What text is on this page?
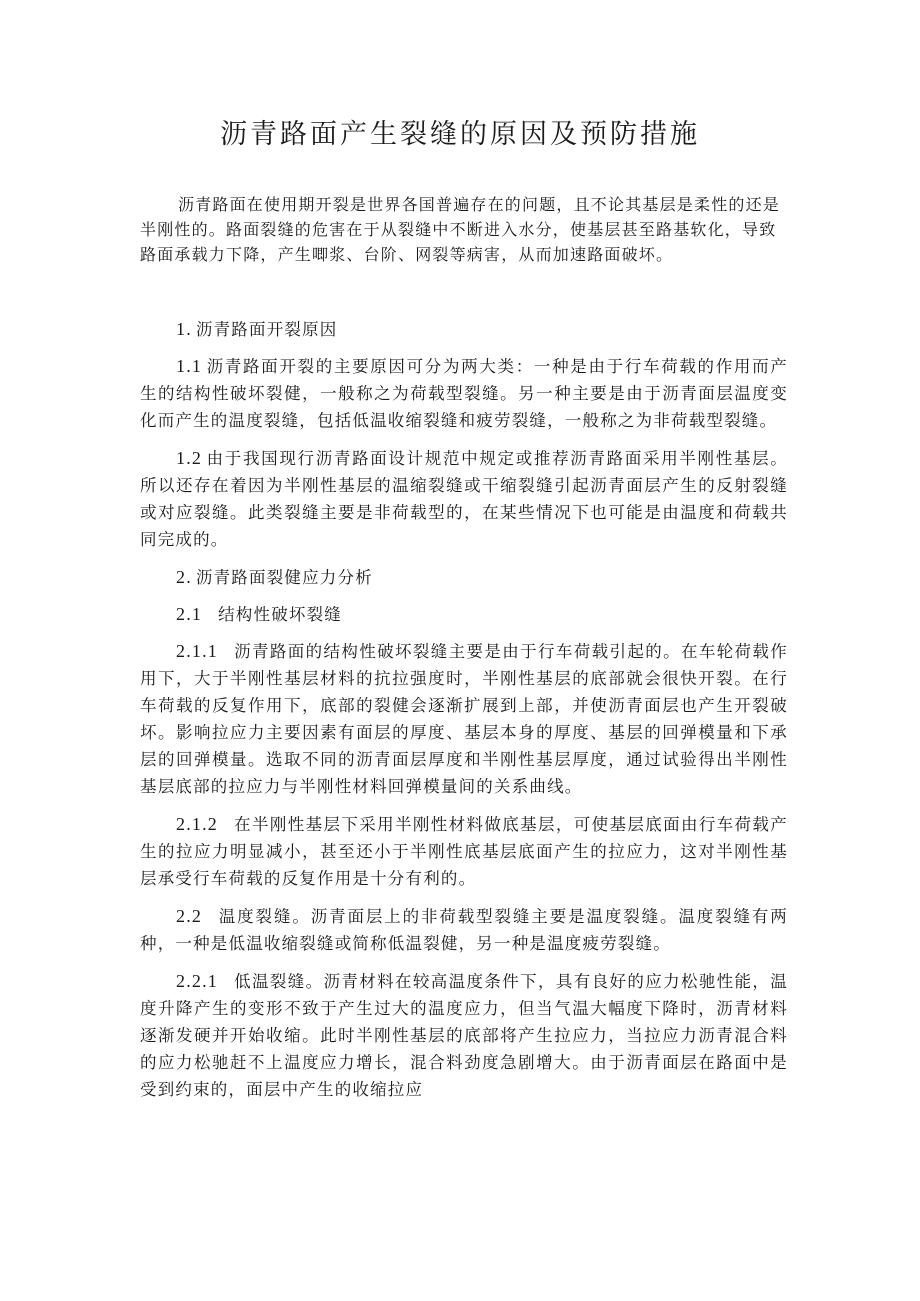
沥青路面产生裂缝的原因及预防措施

沥青路面在使用期开裂是世界各国普遍存在的问题，且不论其基层是柔性的还是半刚性的。路面裂缝的危害在于从裂缝中不断进入水分，使基层甚至路基软化，导致路面承载力下降，产生唧浆、台阶、网裂等病害，从而加速路面破坏。

1. 沥青路面开裂原因

1.1 沥青路面开裂的主要原因可分为两大类：一种是由于行车荷载的作用而产生的结构性破坏裂健，一般称之为荷载型裂缝。另一种主要是由于沥青面层温度变化而产生的温度裂缝，包括低温收缩裂缝和疲劳裂缝，一般称之为非荷载型裂缝。

1.2 由于我国现行沥青路面设计规范中规定或推荐沥青路面采用半刚性基层。所以还存在着因为半刚性基层的温缩裂缝或干缩裂缝引起沥青面层产生的反射裂缝或对应裂缝。此类裂缝主要是非荷载型的，在某些情况下也可能是由温度和荷载共同完成的。

2. 沥青路面裂健应力分析

2.1 结构性破坏裂缝

2.1.1 沥青路面的结构性破坏裂缝主要是由于行车荷载引起的。在车轮荷载作用下，大于半刚性基层材料的抗拉强度时，半刚性基层的底部就会很快开裂。在行车荷载的反复作用下，底部的裂健会逐渐扩展到上部，并使沥青面层也产生开裂破坏。影响拉应力主要因素有面层的厚度、基层本身的厚度、基层的回弹模量和下承层的回弹模量。选取不同的沥青面层厚度和半刚性基层厚度，通过试验得出半刚性基层底部的拉应力与半刚性材料回弹模量间的关系曲线。

2.1.2 在半刚性基层下采用半刚性材料做底基层，可使基层底面由行车荷载产生的拉应力明显减小，甚至还小于半刚性底基层底面产生的拉应力，这对半刚性基层承受行车荷载的反复作用是十分有利的。

2.2 温度裂缝。沥青面层上的非荷载型裂缝主要是温度裂缝。温度裂缝有两种，一种是低温收缩裂缝或简称低温裂健，另一种是温度疲劳裂缝。

2.2.1 低温裂缝。沥青材料在较高温度条件下，具有良好的应力松驰性能，温度升降产生的变形不致于产生过大的温度应力，但当气温大幅度下降时，沥青材料逐渐发硬并开始收缩。此时半刚性基层的底部将产生拉应力，当拉应力沥青混合料的应力松驰赶不上温度应力增长，混合料劲度急剧增大。由于沥青面层在路面中是受到约束的，面层中产生的收缩拉应
